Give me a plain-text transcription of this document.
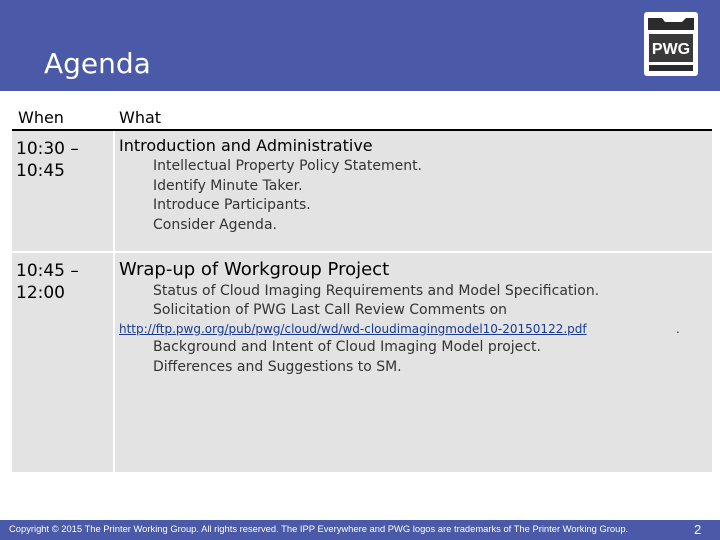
Agenda	PWG
When	What
10:30 – 10:45
Introduction and Administrative
Intellectual Property Policy Statement.
Identify Minute Taker.
Introduce Participants.
Consider Agenda.
10:45 – 12:00
Wrap-up of Workgroup Project
Status of Cloud Imaging Requirements and Model Specification.
Solicitation of PWG Last Call Review Comments on
http://ftp.pwg.org/pub/pwg/cloud/wd/wd-cloudimagingmodel10-20150122.pdf	.
Background and Intent of Cloud Imaging Model project.
Differences and Suggestions to SM.
Copyright © 2015 The Printer Working Group. All rights reserved. The IPP Everywhere and PWG logos are trademarks of The Printer Working Group.	2
